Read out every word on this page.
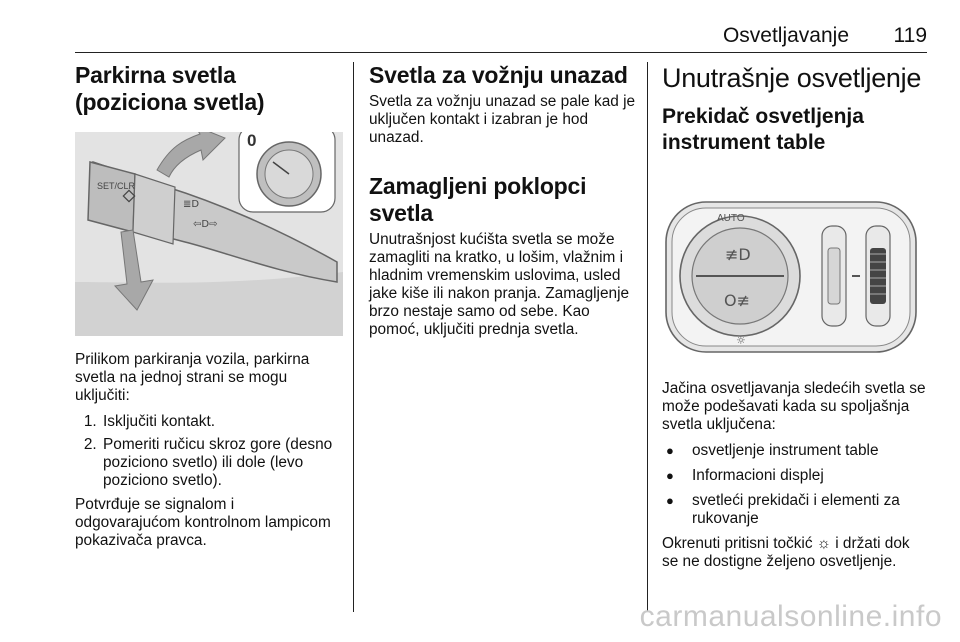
Osvetljavanje 119
Parkirna svetla (poziciona svetla)
SET/CLR
≣D
⇦D⇨
0

Prilikom parkiranja vozila, parkirna svetla na jednoj strani se mogu uključiti:

1. Isključiti kontakt.
2. Pomeriti ručicu skroz gore (desno poziciono svetlo) ili dole (levo poziciono svetlo).

Potvrđuje se signalom i odgovarajućom kontrolnom lampicom pokazivača pravca.

Svetla za vožnju unazad

Svetla za vožnju unazad se pale kad je uključen kontakt i izabran je hod unazad.

Zamagljeni poklopci svetla

Unutrašnjost kućišta svetla se može zamagliti na kratko, u lošim, vlažnim i hladnim vremenskim uslovima, usled jake kiše ili nakon pranja. Zamagljenje brzo nestaje samo od sebe. Kao pomoć, uključiti prednja svetla.

Unutrašnje osvetljenje
Prekidač osvetljenja instrument table
AUTO
≢D
O≢
☼

Jačina osvetljavanja sledećih svetla se može podešavati kada su spoljašnja svetla uključena:

● osvetljenje instrument table
● Informacioni displej
● svetleći prekidači i elementi za rukovanje

Okrenuti pritisni točkić ☼ i držati dok se ne dostigne željeno osvetljenje.

carmanualsonline.info
